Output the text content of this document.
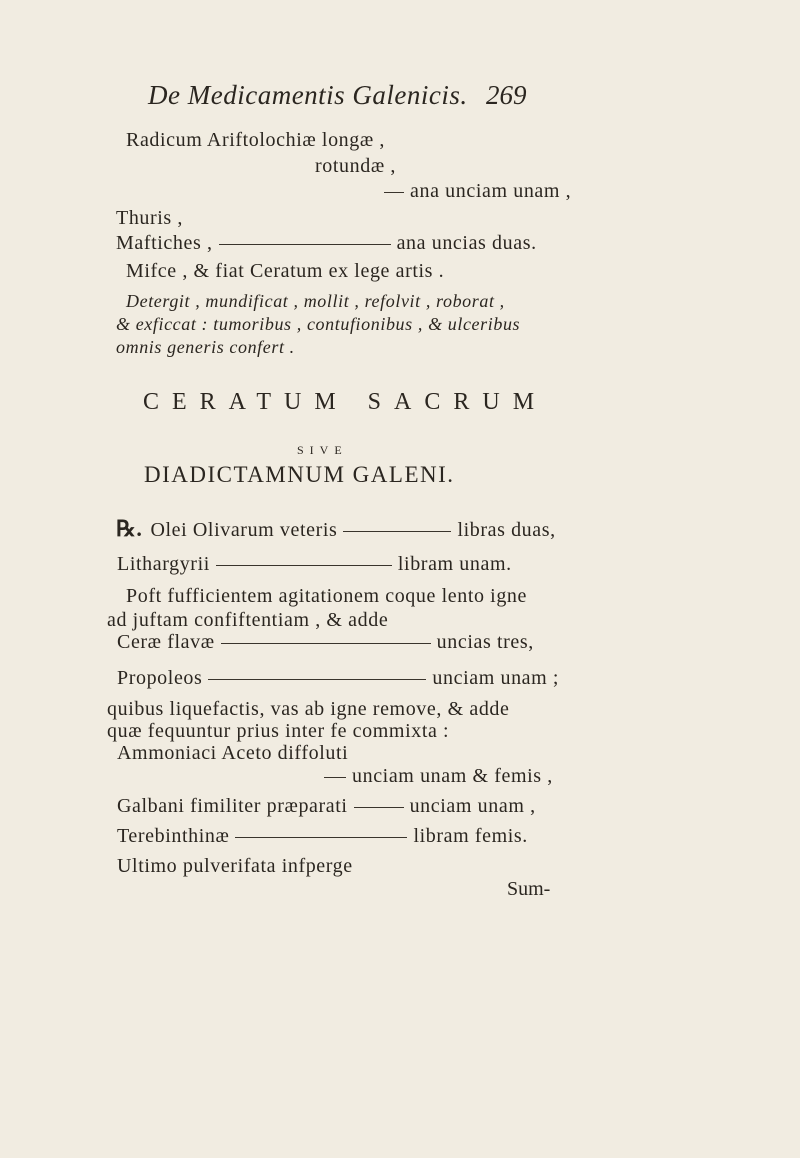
De Medicamentis Galenicis. 269
Radicum Ariftolochiæ longæ ,
rotundæ ,
ana unciam unam ,
Thuris ,
Maftiches ,	ana uncias duas.
Mifce , & fiat Ceratum ex lege artis .
Detergit , mundificat , mollit , refolvit , roborat ,
& exficcat : tumoribus , contufionibus , & ulceribus
omnis generis confert .
CERATUM SACRUM
SIVE
DIADICTAMNUM GALENI.
℞. Olei Olivarum veteris	libras duas,
Lithargyrii	libram unam.
Poft fufficientem agitationem coque lento igne
ad juftam confiftentiam , & adde
Ceræ flavæ	uncias tres,
Propoleos	unciam unam ;
quibus liquefactis, vas ab igne remove, & adde
quæ fequuntur prius inter fe commixta :
Ammoniaci Aceto diffoluti
unciam unam & femis ,
Galbani fimiliter præparati	unciam unam ,
Terebinthinæ	libram femis.
Ultimo pulverifata infperge
Sum-
